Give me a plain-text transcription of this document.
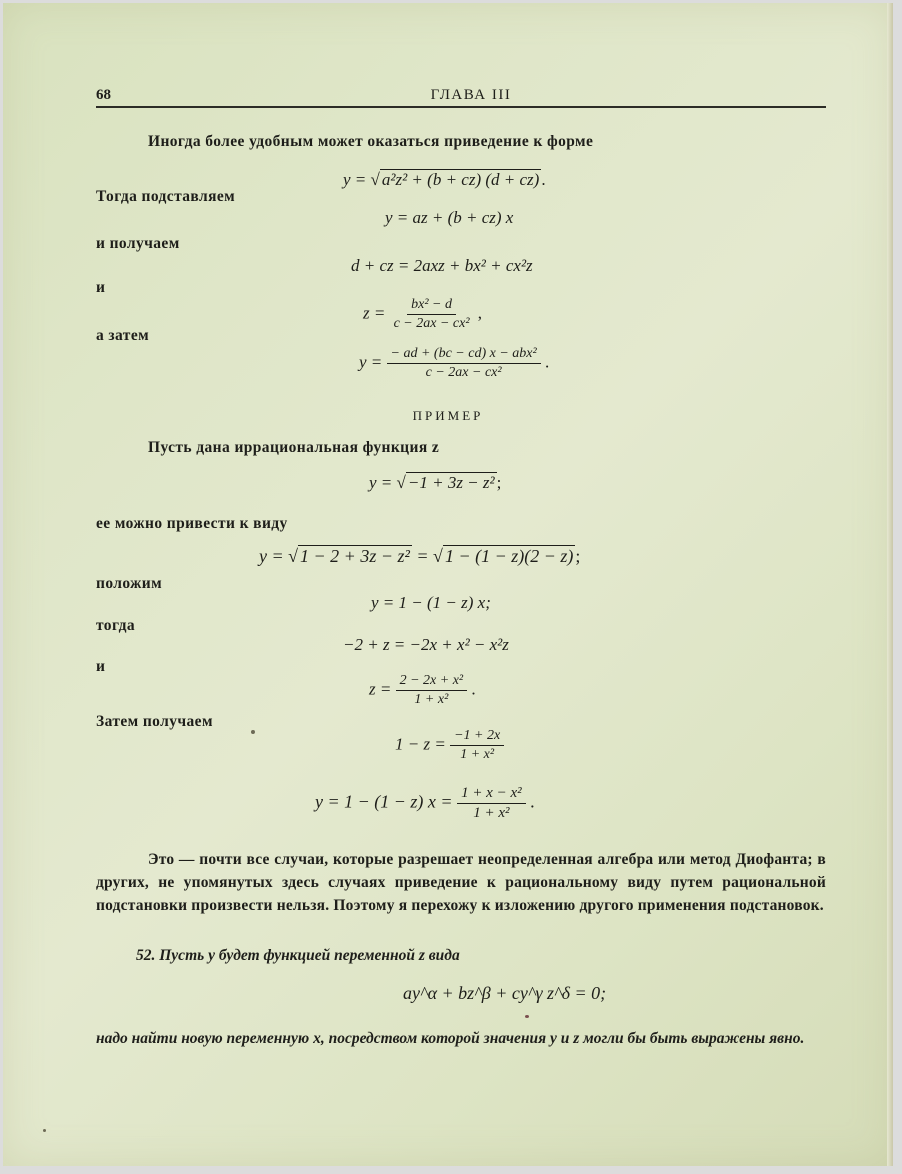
68	ГЛАВА III
Иногда более удобным может оказаться приведение к форме
y = √ a²z² + (b + cz) (d + cz) .
Тогда подставляем
y = az + (b + cz) x
и получаем
d + cz = 2axz + bx² + cx²z
и
$z = \frac{\text{bx² − d}}{\text{c − 2ax − cx²}}$ ,
а затем
$y = \frac{\text{− ad + (bc − cd) x − abx²}}{\text{c − 2ax − cx²}}$ .
ПРИМЕР
Пусть дана иррациональная функция z
y = √ −1 + 3z − z² ;
ее можно привести к виду
y = √ 1 − 2 + 3z − z² = √ 1 − (1 − z)(2 − z) ;
положим
y = 1 − (1 − z) x;
тогда
−2 + z = −2x + x² − x²z
и
$z = \frac{\text{2 − 2x + x²}}{\text{1 + x²}}$ .
Затем получаем
$1 - z = \frac{-1 + 2x}{\text{1 + x²}}$
y = 1 − (1 − z) $x = \frac{\text{1 + x − x²}}{\text{1 + x²}}$ .
Это — почти все случаи, которые разрешает неопределенная алгебра или метод Диофанта; в других, не упомянутых здесь случаях приведение к рациональному виду путем рациональной подстановки произвести нельзя. Поэтому я перехожу к изложению другого применения подстановок.
52. Пусть y будет функцией переменной z вида
ay^α + bz^β + cy^γ z^δ = 0;
надо найти новую переменную x, посредством которой значения y и z могли бы быть выражены явно.
